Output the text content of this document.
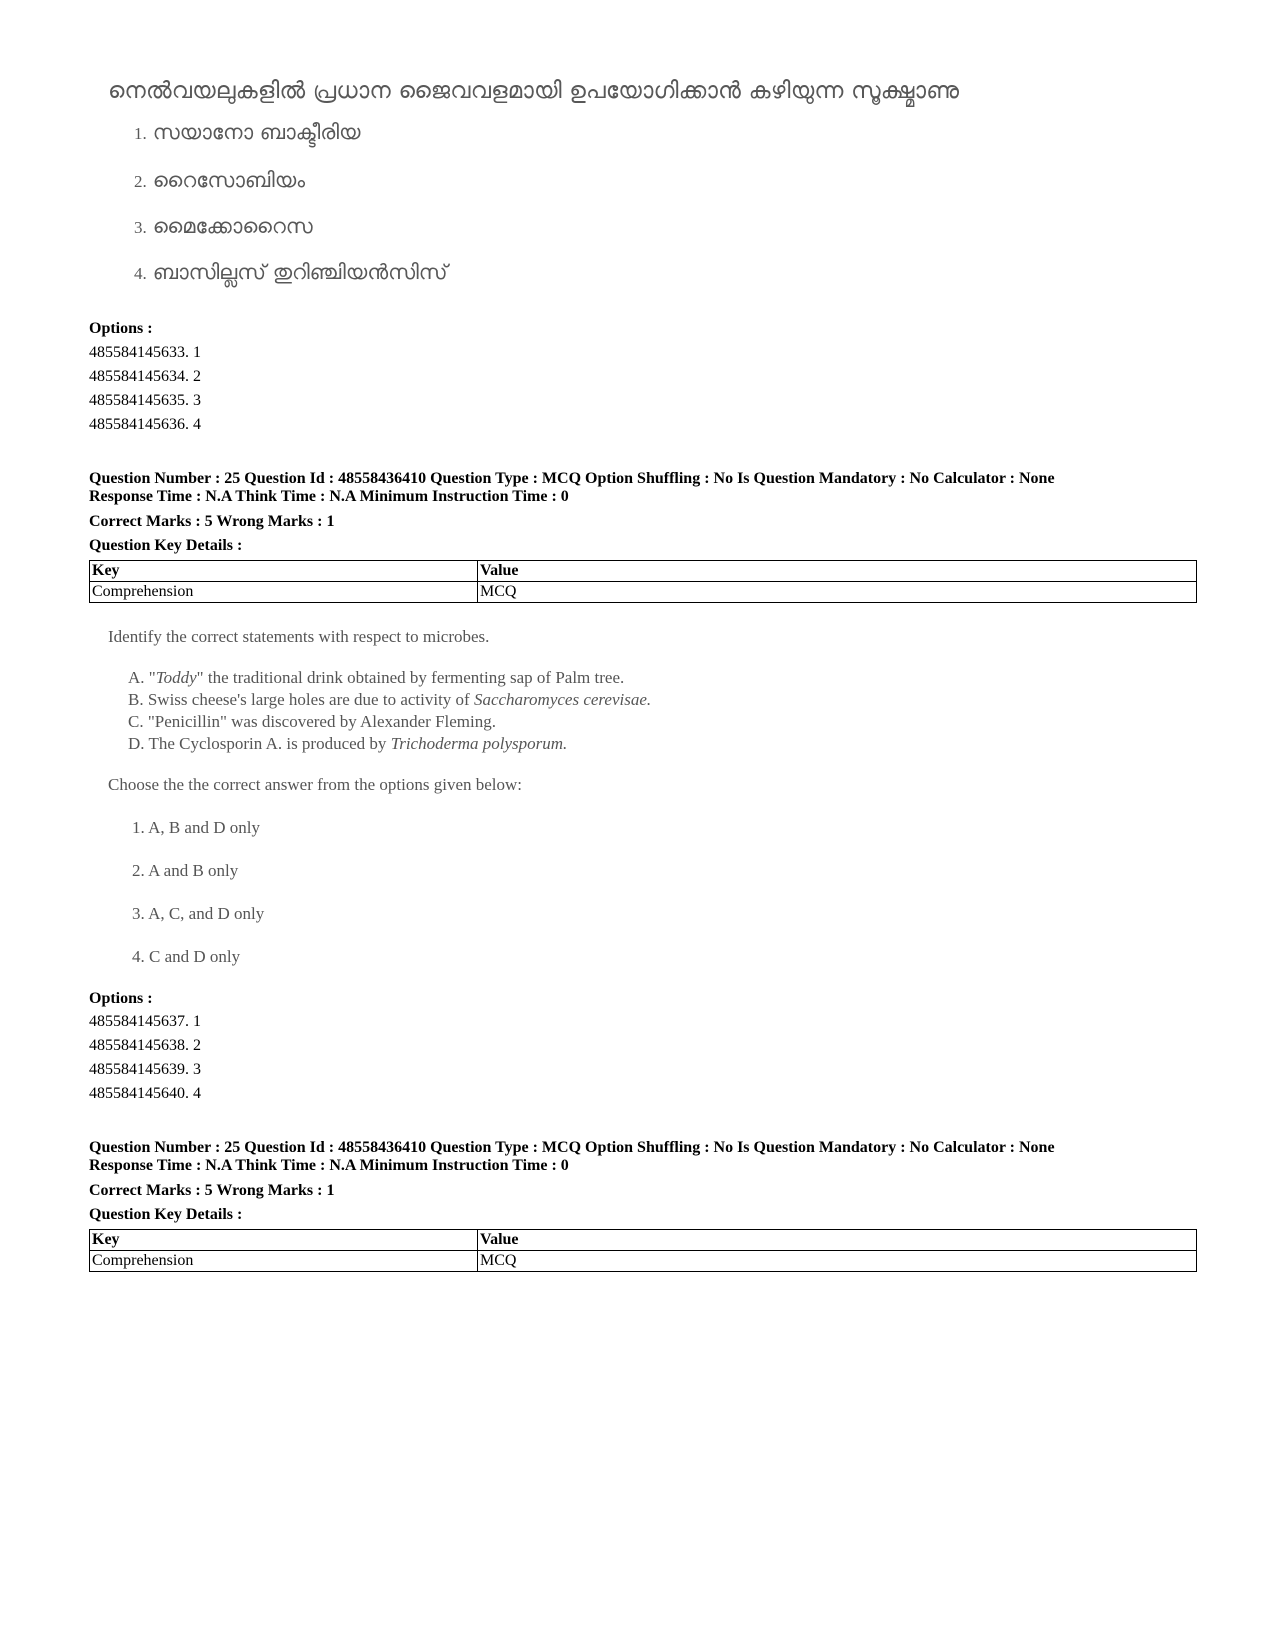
നെൽവയലുകളിൽ പ്രധാന ജൈവവളമായി ഉപയോഗിക്കാൻ കഴിയുന്ന സൂക്ഷ്മാണു
1. സയാനോ ബാക്ടീരിയ
2. റൈസോബിയം
3. മൈക്കോറൈസ
4. ബാസില്ലസ് തുറിഞ്ചിയൻസിസ്
Options :
485584145633. 1
485584145634. 2
485584145635. 3
485584145636. 4
Question Number : 25 Question Id : 48558436410 Question Type : MCQ Option Shuffling : No Is Question Mandatory : No Calculator : None
Response Time : N.A Think Time : N.A Minimum Instruction Time : 0
Correct Marks : 5 Wrong Marks : 1
Question Key Details :
Key	Value
Comprehension	MCQ
Identify the correct statements with respect to microbes.
A. "Toddy" the traditional drink obtained by fermenting sap of Palm tree.
B. Swiss cheese's large holes are due to activity of Saccharomyces cerevisae.
C. "Penicillin" was discovered by Alexander Fleming.
D. The Cyclosporin A. is produced by Trichoderma polysporum.
Choose the the correct answer from the options given below:
1. A, B and D only
2. A and B only
3. A, C, and D only
4. C and D only
Options :
485584145637. 1
485584145638. 2
485584145639. 3
485584145640. 4
Question Number : 25 Question Id : 48558436410 Question Type : MCQ Option Shuffling : No Is Question Mandatory : No Calculator : None
Response Time : N.A Think Time : N.A Minimum Instruction Time : 0
Correct Marks : 5 Wrong Marks : 1
Question Key Details :
Key	Value
Comprehension	MCQ
